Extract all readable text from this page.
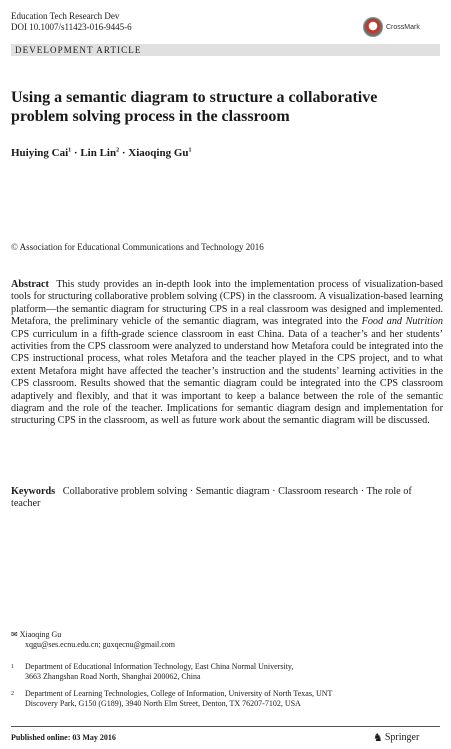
Education Tech Research Dev
DOI 10.1007/s11423-016-9445-6	CrossMark
DEVELOPMENT ARTICLE
Using a semantic diagram to structure a collaborative
problem solving process in the classroom
Huiying Cai$^1$ · Lin Lin$^2$ · Xiaoqing Gu$^1$
© Association for Educational Communications and Technology 2016
Abstract This study provides an in-depth look into the implementation process of visualization-based tools for structuring collaborative problem solving (CPS) in the classroom. A visualization-based learning platform—the semantic diagram for structuring CPS in a real classroom was designed and implemented. Metafora, the preliminary vehicle of the semantic diagram, was integrated into the Food and Nutrition CPS curriculum in a fifth-grade science classroom in east China. Data of a teacher’s and her students’ activities from the CPS classroom were analyzed to understand how Metafora could be integrated into the CPS instructional process, what roles Metafora and the teacher played in the CPS project, and to what extent Metafora might have affected the teacher’s instruction and the students’ learning activities in the CPS classroom. Results showed that the semantic diagram could be integrated into the CPS classroom adaptively and flexibly, and that it was important to keep a balance between the role of the semantic diagram and the role of the teacher. Implications for semantic diagram design and implementation for structuring CPS in the classroom, as well as future work about the semantic diagram will be discussed.
Keywords Collaborative problem solving · Semantic diagram · Classroom research · The role of teacher
✉ Xiaoqing Gu
xqgu@ses.ecnu.edu.cn; guxqecnu@gmail.com
1	Department of Educational Information Technology, East China Normal University,
3663 Zhangshan Road North, Shanghai 200062, China
2	Department of Learning Technologies, College of Information, University of North Texas, UNT
Discovery Park, G150 (G189), 3940 North Elm Street, Denton, TX 76207-7102, USA
Published online: 03 May 2016	♞ Springer
